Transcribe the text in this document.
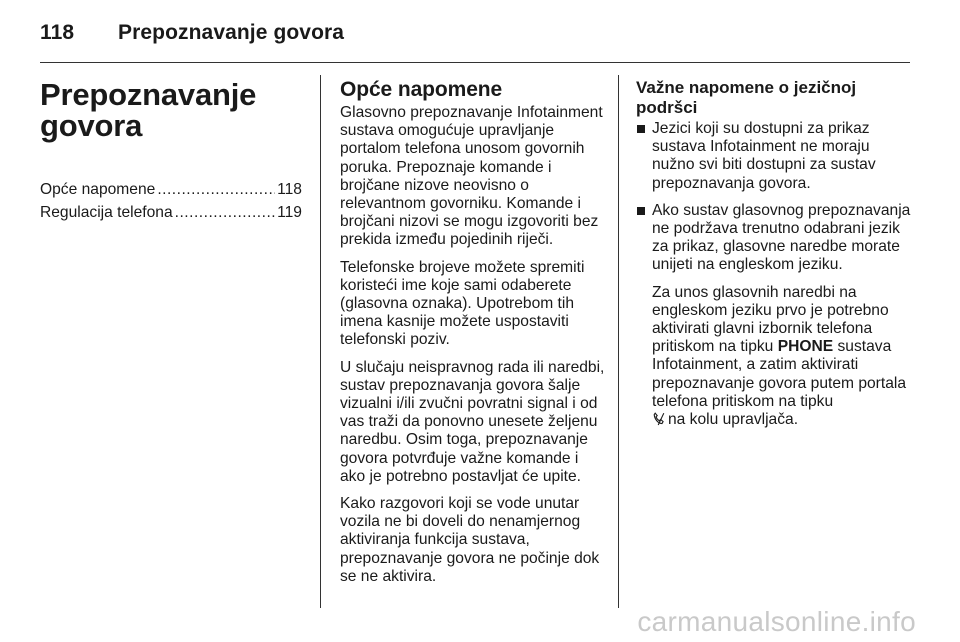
118	Prepoznavanje govora
Prepoznavanje
govora
Opće napomene .....	118
Regulacija telefona .....	119
Opće napomene

Glasovno prepoznavanje Infotainment sustava omogućuje upravljanje portalom telefona unosom govornih poruka. Prepoznaje komande i brojčane nizove neovisno o relevantnom govorniku. Komande i brojčani nizovi se mogu izgovoriti bez prekida između pojedinih riječi.

Telefonske brojeve možete spremiti koristeći ime koje sami odaberete (glasovna oznaka). Upotrebom tih imena kasnije možete uspostaviti telefonski poziv.

U slučaju neispravnog rada ili naredbi, sustav prepoznavanja govora šalje vizualni i/ili zvučni povratni signal i od vas traži da ponovno unesete željenu naredbu. Osim toga, prepoznavanje govora potvrđuje važne komande i ako je potrebno postavljat će upite.

Kako razgovori koji se vode unutar vozila ne bi doveli do nenamjernog aktiviranja funkcija sustava, prepoznavanje govora ne počinje dok se ne aktivira.

Važne napomene o jezičnoj podršci
Jezici koji su dostupni za prikaz sustava Infotainment ne moraju nužno svi biti dostupni za sustav prepoznavanja govora.

Ako sustav glasovnog prepoznavanja ne podržava trenutno odabrani jezik za prikaz, glasovne naredbe morate unijeti na engleskom jeziku.

Za unos glasovnih naredbi na engleskom jeziku prvo je potrebno aktivirati glavni izbornik telefona pritiskom na tipku PHONE sustava Infotainment, a zatim aktivirati prepoznavanje govora putem portala telefona pritiskom na tipku
na kolu upravljača.

carmanualsonline.info
